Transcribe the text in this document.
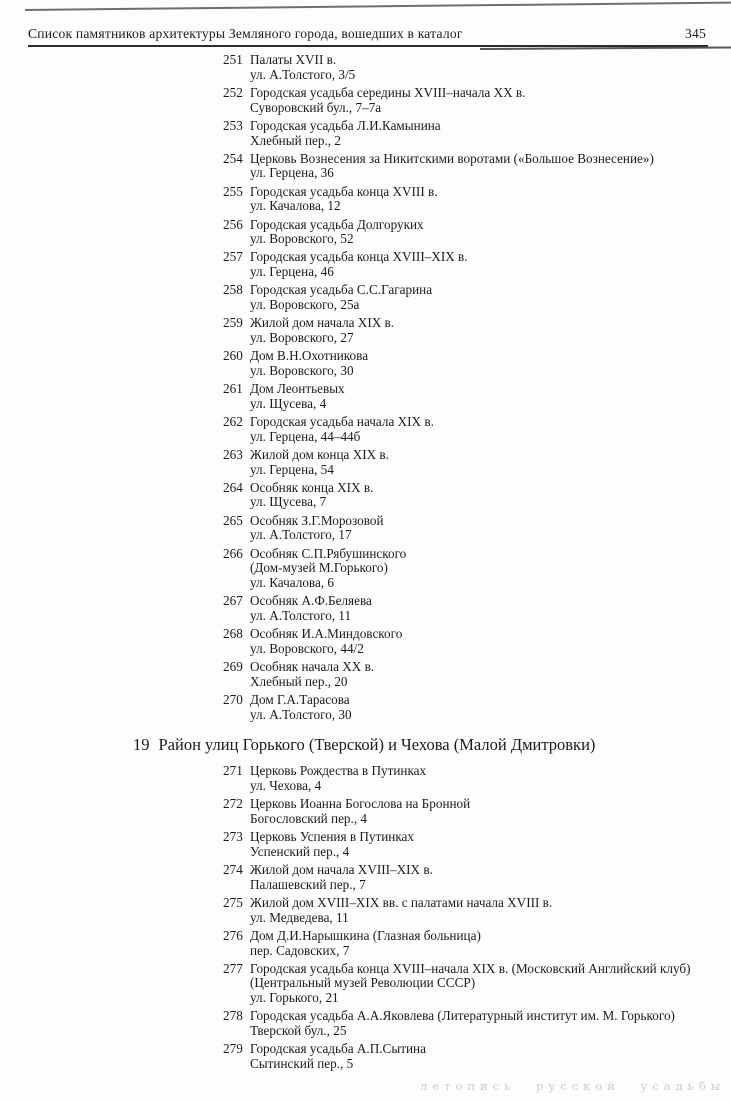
Список памятников архитектуры Земляного города, вошедших в каталог	345
251 Палаты XVII в.
ул. А.Толстого, 3/5
252 Городская усадьба середины XVIII–начала XX в.
Суворовский бул., 7–7а
253 Городская усадьба Л.И.Камынина
Хлебный пер., 2
254 Церковь Вознесения за Никитскими воротами («Большое Вознесение»)
ул. Герцена, 36
255 Городская усадьба конца XVIII в.
ул. Качалова, 12
256 Городская усадьба Долгоруких
ул. Воровского, 52
257 Городская усадьба конца XVIII–XIX в.
ул. Герцена, 46
258 Городская усадьба С.С.Гагарина
ул. Воровского, 25а
259 Жилой дом начала XIX в.
ул. Воровского, 27
260 Дом В.Н.Охотникова
ул. Воровского, 30
261 Дом Леонтьевых
ул. Щусева, 4
262 Городская усадьба начала XIX в.
ул. Герцена, 44–44б
263 Жилой дом конца XIX в.
ул. Герцена, 54
264 Особняк конца XIX в.
ул. Щусева, 7
265 Особняк З.Г.Морозовой
ул. А.Толстого, 17
266 Особняк С.П.Рябушинского
(Дом-музей М.Горького)
ул. Качалова, 6
267 Особняк А.Ф.Беляева
ул. А.Толстого, 11
268 Особняк И.А.Миндовского
ул. Воровского, 44/2
269 Особняк начала XX в.
Хлебный пер., 20
270 Дом Г.А.Тарасова
ул. А.Толстого, 30
19 Район улиц Горького (Тверской) и Чехова (Малой Дмитровки)
271 Церковь Рождества в Путинках
ул. Чехова, 4
272 Церковь Иоанна Богослова на Бронной
Богословский пер., 4
273 Церковь Успения в Путинках
Успенский пер., 4
274 Жилой дом начала XVIII–XIX в.
Палашевский пер., 7
275 Жилой дом XVIII–XIX вв. с палатами начала XVIII в.
ул. Медведева, 11
276 Дом Д.И.Нарышкина (Глазная больница)
пер. Садовских, 7
277 Городская усадьба конца XVIII–начала XIX в. (Московский Английский клуб)
(Центральный музей Революции СССР)
ул. Горького, 21
278 Городская усадьба А.А.Яковлева (Литературный институт им. М. Горького)
Тверской бул., 25
279 Городская усадьба А.П.Сытина
Сытинский пер., 5
летопись русской усадьбы
